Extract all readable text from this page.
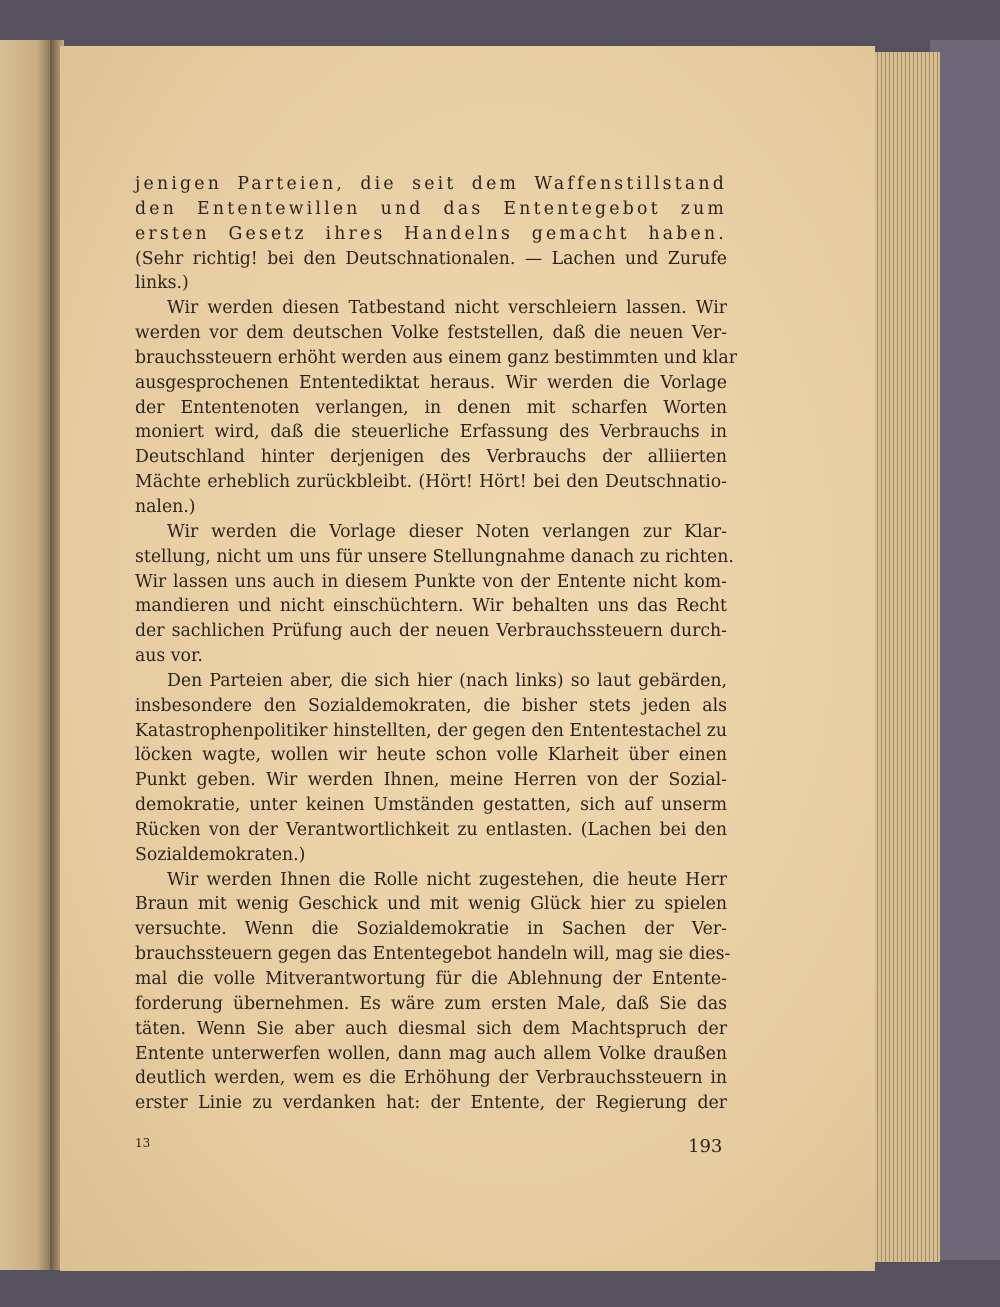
jenigen Parteien, die seit dem Waffenstillstand
den Ententewillen und das Ententegebot zum
ersten Gesetz ihres Handelns gemacht haben.
(Sehr richtig! bei den Deutschnationalen. — Lachen und Zurufe
links.)
Wir werden diesen Tatbestand nicht verschleiern lassen. Wir
werden vor dem deutschen Volke feststellen, daß die neuen Ver-
brauchssteuern erhöht werden aus einem ganz bestimmten und klar
ausgesprochenen Ententediktat heraus. Wir werden die Vorlage
der Ententenoten verlangen, in denen mit scharfen Worten
moniert wird, daß die steuerliche Erfassung des Verbrauchs in
Deutschland hinter derjenigen des Verbrauchs der alliierten
Mächte erheblich zurückbleibt. (Hört! Hört! bei den Deutschnatio-
nalen.)
Wir werden die Vorlage dieser Noten verlangen zur Klar-
stellung, nicht um uns für unsere Stellungnahme danach zu richten.
Wir lassen uns auch in diesem Punkte von der Entente nicht kom-
mandieren und nicht einschüchtern. Wir behalten uns das Recht
der sachlichen Prüfung auch der neuen Verbrauchssteuern durch-
aus vor.
Den Parteien aber, die sich hier (nach links) so laut gebärden,
insbesondere den Sozialdemokraten, die bisher stets jeden als
Katastrophenpolitiker hinstellten, der gegen den Ententestachel zu
löcken wagte, wollen wir heute schon volle Klarheit über einen
Punkt geben. Wir werden Ihnen, meine Herren von der Sozial-
demokratie, unter keinen Umständen gestatten, sich auf unserm
Rücken von der Verantwortlichkeit zu entlasten. (Lachen bei den
Sozialdemokraten.)
Wir werden Ihnen die Rolle nicht zugestehen, die heute Herr
Braun mit wenig Geschick und mit wenig Glück hier zu spielen
versuchte. Wenn die Sozialdemokratie in Sachen der Ver-
brauchssteuern gegen das Ententegebot handeln will, mag sie dies-
mal die volle Mitverantwortung für die Ablehnung der Entente-
forderung übernehmen. Es wäre zum ersten Male, daß Sie das
täten. Wenn Sie aber auch diesmal sich dem Machtspruch der
Entente unterwerfen wollen, dann mag auch allem Volke draußen
deutlich werden, wem es die Erhöhung der Verbrauchssteuern in
erster Linie zu verdanken hat: der Entente, der Regierung der
13	193
